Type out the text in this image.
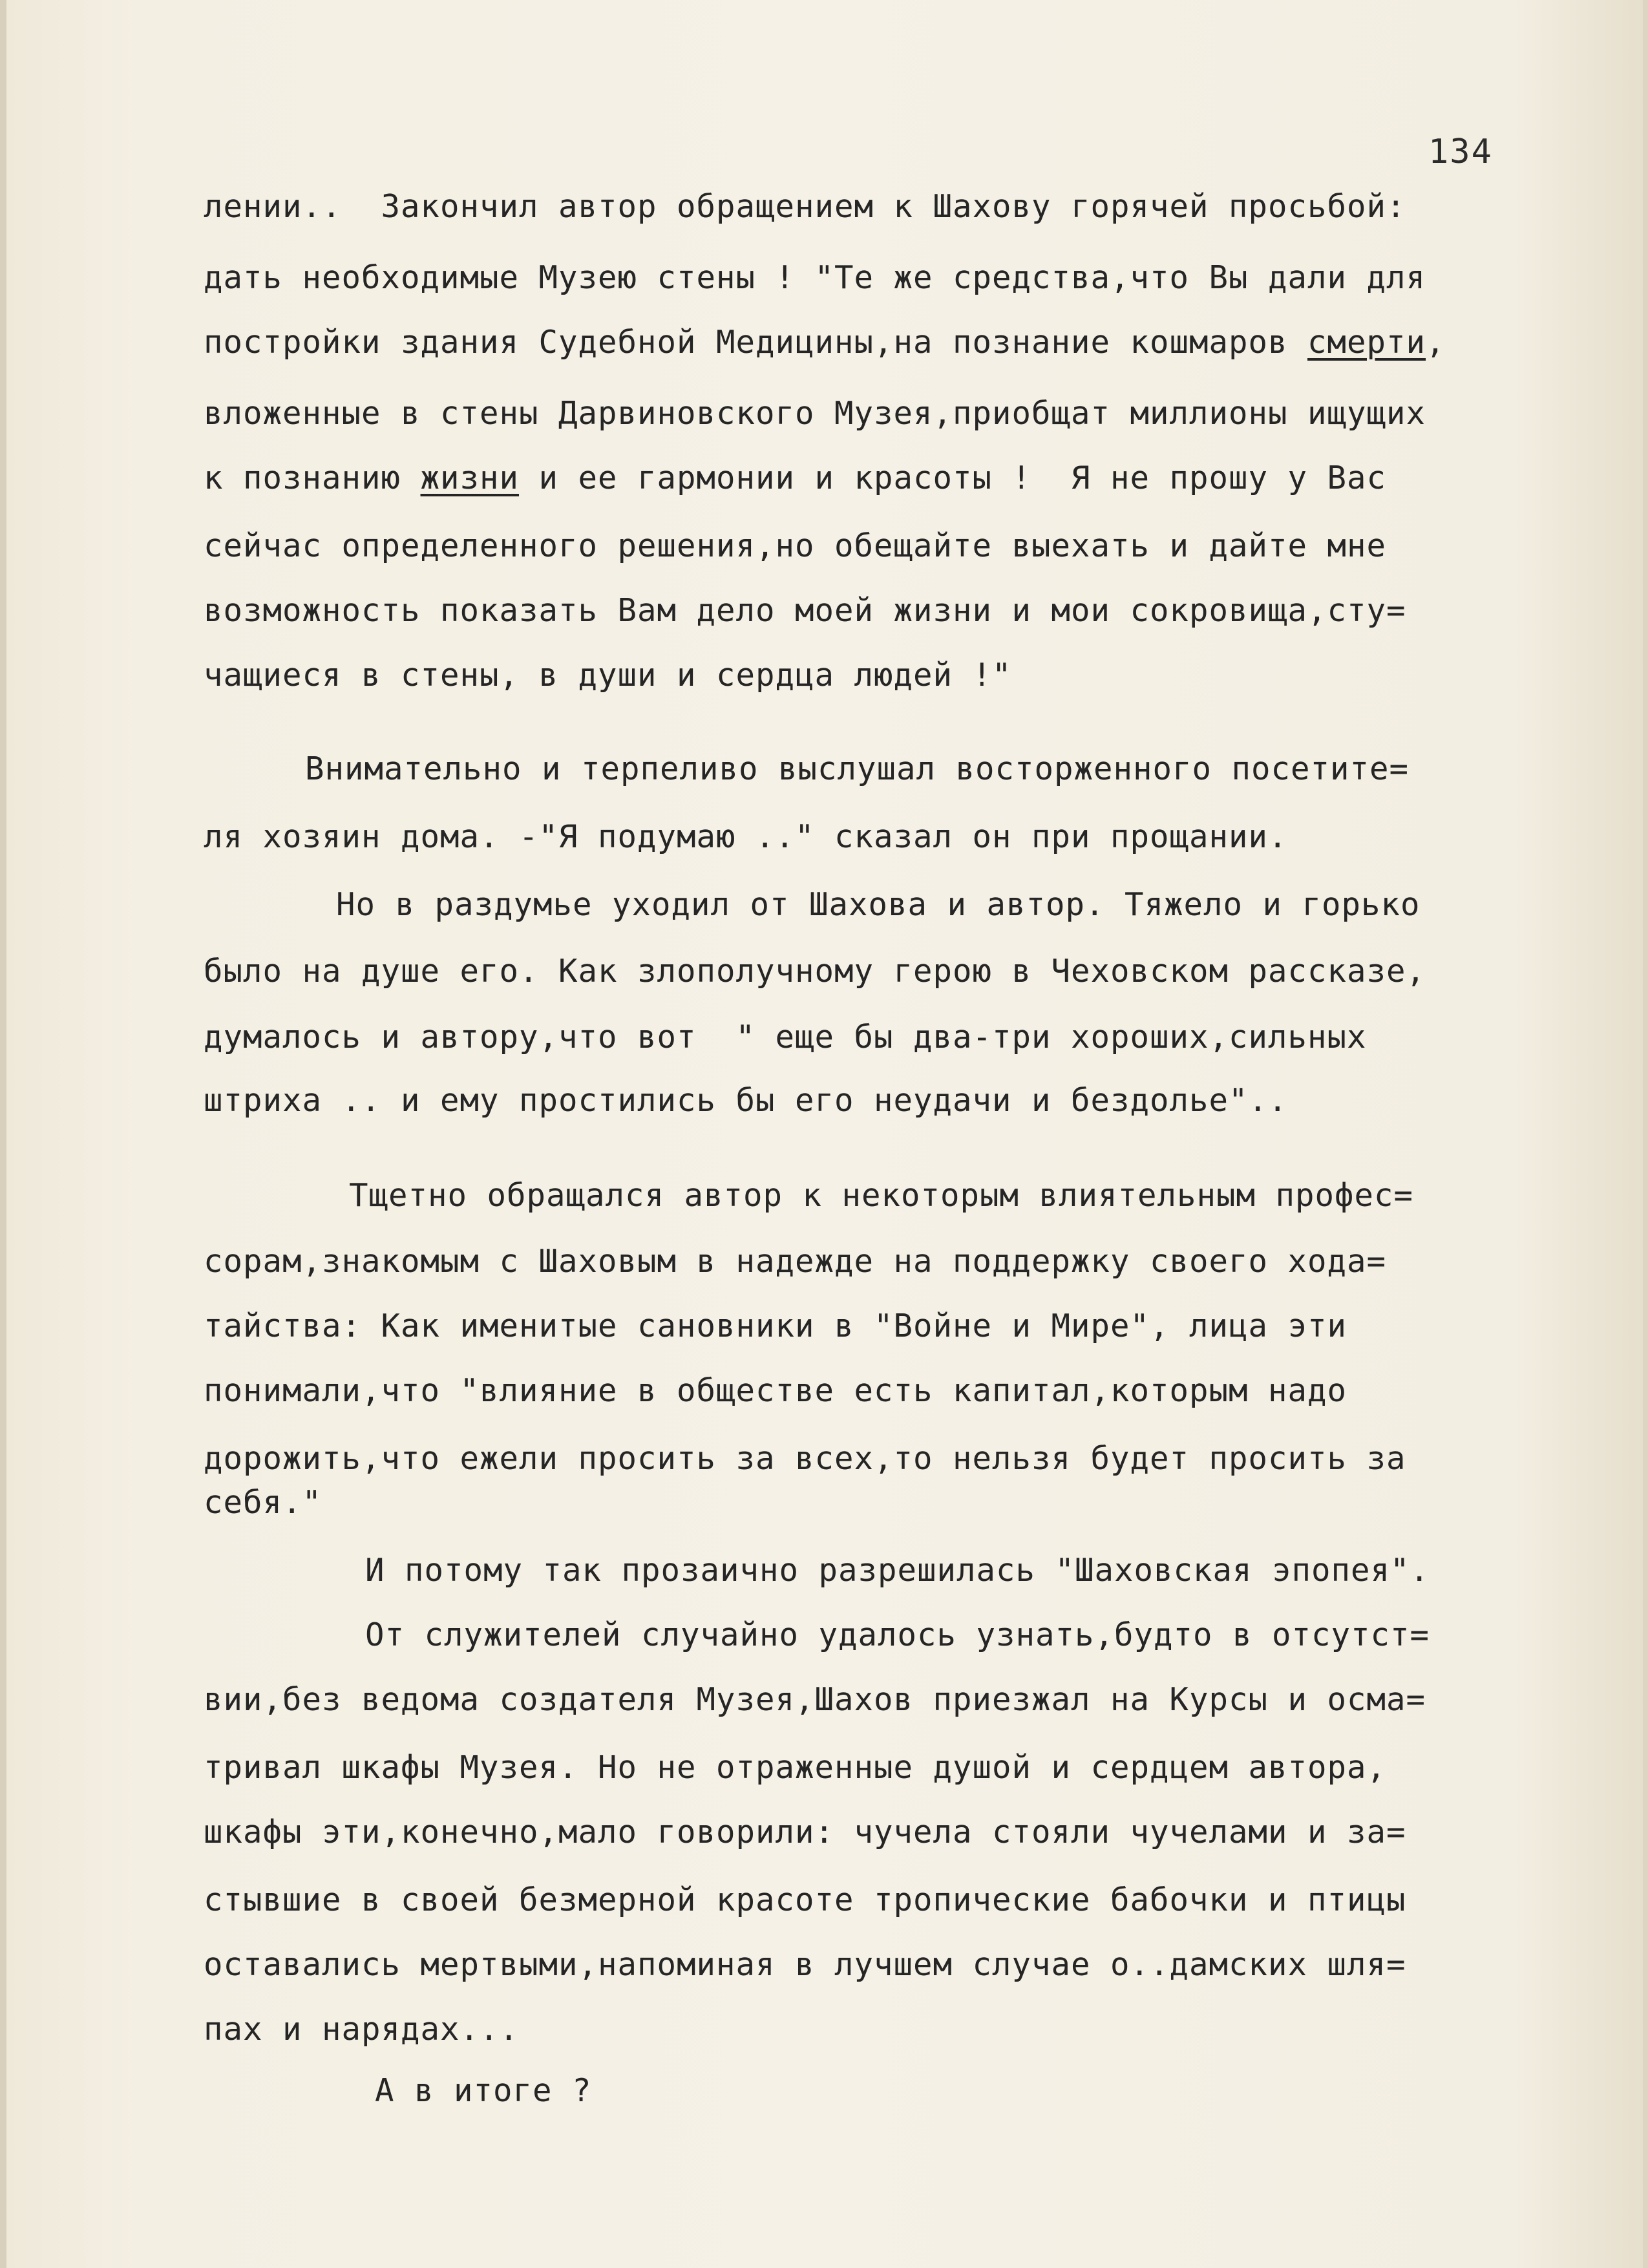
134

лении..  Закончил автор обращением к Шахову горячей просьбой:

дать необходимые Музею стены ! "Те же средства,что Вы дали для

постройки здания Судебной Медицины,на познание кошмаров смерти,

вложенные в стены Дарвиновского Музея,приобщат миллионы ищущих

к познанию жизни и ее гармонии и красоты !  Я не прошу у Вас

сейчас определенного решения,но обещайте выехать и дайте мне

возможность показать Вам дело моей жизни и мои сокровища,сту=

чащиеся в стены, в души и сердца людей !"

Внимательно и терпеливо выслушал восторженного посетите=

ля хозяин дома. -"Я подумаю .." сказал он при прощании.

Но в раздумье уходил от Шахова и автор. Тяжело и горько

было на душе его. Как злополучному герою в Чеховском рассказе,

думалось и автору,что вот  " еще бы два-три хороших,сильных

штриха .. и ему простились бы его неудачи и бездолье"..

Тщетно обращался автор к некоторым влиятельным профес=

сорам,знакомым с Шаховым в надежде на поддержку своего хода=

тайства: Как именитые сановники в "Войне и Мире", лица эти

понимали,что "влияние в обществе есть капитал,которым надо

дорожить,что ежели просить за всех,то нельзя будет просить за

себя."

И потому так прозаично разрешилась "Шаховская эпопея".

От служителей случайно удалось узнать,будто в отсутст=

вии,без ведома создателя Музея,Шахов приезжал на Курсы и осма=

тривал шкафы Музея. Но не отраженные душой и сердцем автора,

шкафы эти,конечно,мало говорили: чучела стояли чучелами и за=

стывшие в своей безмерной красоте тропические бабочки и птицы

оставались мертвыми,напоминая в лучшем случае о..дамских шля=

пах и нарядах...

А в итоге ?
